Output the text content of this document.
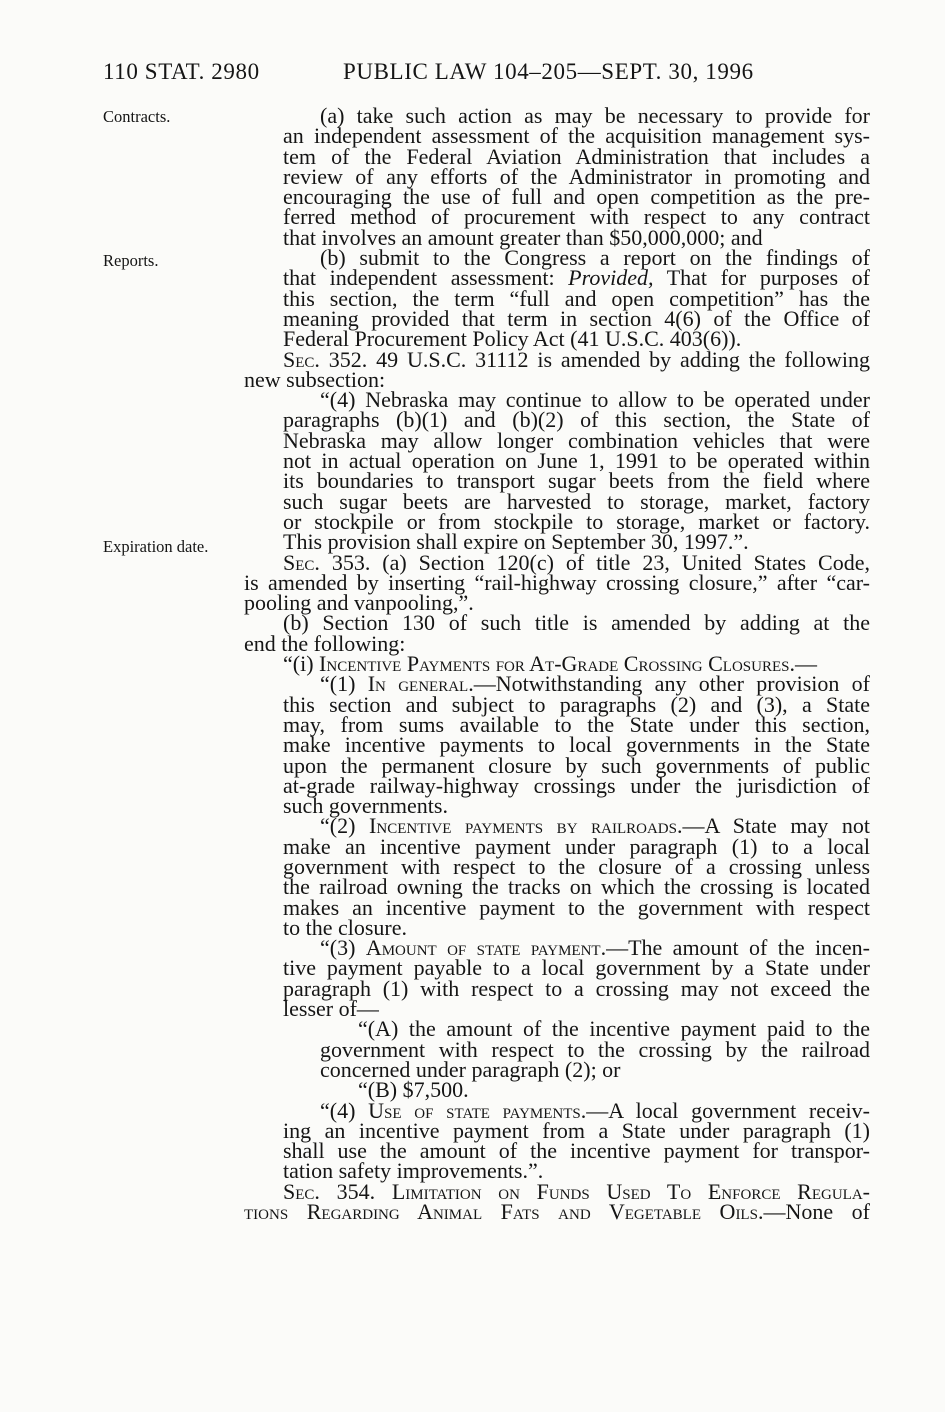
110 STAT. 2980	PUBLIC LAW 104–205—SEPT. 30, 1996
Contracts.
Reports.
Expiration date.
(a) take such action as may be necessary to provide for
an independent assessment of the acquisition management sys-
tem of the Federal Aviation Administration that includes a
review of any efforts of the Administrator in promoting and
encouraging the use of full and open competition as the pre-
ferred method of procurement with respect to any contract
that involves an amount greater than $50,000,000; and
(b) submit to the Congress a report on the findings of
that independent assessment: Provided, That for purposes of
this section, the term “full and open competition” has the
meaning provided that term in section 4(6) of the Office of
Federal Procurement Policy Act (41 U.S.C. 403(6)).
Sec. 352. 49 U.S.C. 31112 is amended by adding the following
new subsection:
“(4) Nebraska may continue to allow to be operated under
paragraphs (b)(1) and (b)(2) of this section, the State of
Nebraska may allow longer combination vehicles that were
not in actual operation on June 1, 1991 to be operated within
its boundaries to transport sugar beets from the field where
such sugar beets are harvested to storage, market, factory
or stockpile or from stockpile to storage, market or factory.
This provision shall expire on September 30, 1997.”.
Sec. 353. (a) Section 120(c) of title 23, United States Code,
is amended by inserting “rail-highway crossing closure,” after “car-
pooling and vanpooling,”.
(b) Section 130 of such title is amended by adding at the
end the following:
“(i) Incentive Payments for At-Grade Crossing Closures.—
“(1) In general.—Notwithstanding any other provision of
this section and subject to paragraphs (2) and (3), a State
may, from sums available to the State under this section,
make incentive payments to local governments in the State
upon the permanent closure by such governments of public
at-grade railway-highway crossings under the jurisdiction of
such governments.
“(2) Incentive payments by railroads.—A State may not
make an incentive payment under paragraph (1) to a local
government with respect to the closure of a crossing unless
the railroad owning the tracks on which the crossing is located
makes an incentive payment to the government with respect
to the closure.
“(3) Amount of state payment.—The amount of the incen-
tive payment payable to a local government by a State under
paragraph (1) with respect to a crossing may not exceed the
lesser of—
“(A) the amount of the incentive payment paid to the
government with respect to the crossing by the railroad
concerned under paragraph (2); or
“(B) $7,500.
“(4) Use of state payments.—A local government receiv-
ing an incentive payment from a State under paragraph (1)
shall use the amount of the incentive payment for transpor-
tation safety improvements.”.
Sec. 354. Limitation on Funds Used To Enforce Regula-
tions Regarding Animal Fats and Vegetable Oils.—None of
